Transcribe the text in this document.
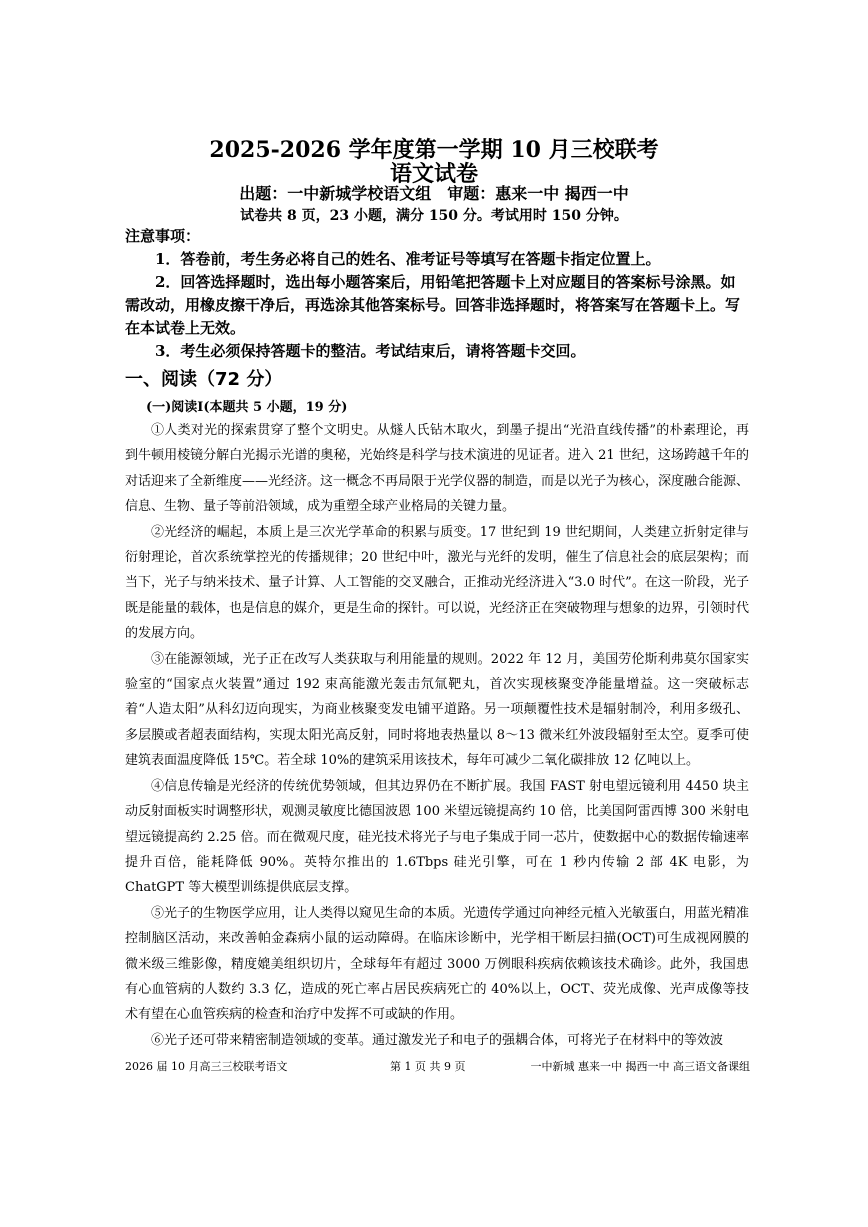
2025-2026 学年度第一学期 10 月三校联考
语文试卷
出题：一中新城学校语文组　审题：惠来一中 揭西一中
试卷共 8 页，23 小题，满分 150 分。考试用时 150 分钟。

注意事项：

1．答卷前，考生务必将自己的姓名、准考证号等填写在答题卡指定位置上。

2．回答选择题时，选出每小题答案后，用铅笔把答题卡上对应题目的答案标号涂黑。如需改动，用橡皮擦干净后，再选涂其他答案标号。回答非选择题时，将答案写在答题卡上。写在本试卷上无效。

3．考生必须保持答题卡的整洁。考试结束后，请将答题卡交回。

一、阅读（72 分）
(一)阅读Ⅰ(本题共 5 小题，19 分)

①人类对光的探索贯穿了整个文明史。从燧人氏钻木取火，到墨子提出“光沿直线传播”的朴素理论，再到牛顿用棱镜分解白光揭示光谱的奥秘，光始终是科学与技术演进的见证者。进入 21 世纪，这场跨越千年的对话迎来了全新维度——光经济。这一概念不再局限于光学仪器的制造，而是以光子为核心，深度融合能源、信息、生物、量子等前沿领域，成为重塑全球产业格局的关键力量。

②光经济的崛起，本质上是三次光学革命的积累与质变。17 世纪到 19 世纪期间，人类建立折射定律与衍射理论，首次系统掌控光的传播规律；20 世纪中叶，激光与光纤的发明，催生了信息社会的底层架构；而当下，光子与纳米技术、量子计算、人工智能的交叉融合，正推动光经济进入“3.0 时代”。在这一阶段，光子既是能量的载体，也是信息的媒介，更是生命的探针。可以说，光经济正在突破物理与想象的边界，引领时代的发展方向。

③在能源领域，光子正在改写人类获取与利用能量的规则。2022 年 12 月，美国劳伦斯利弗莫尔国家实验室的“国家点火装置”通过 192 束高能激光轰击氘氚靶丸，首次实现核聚变净能量增益。这一突破标志着“人造太阳”从科幻迈向现实，为商业核聚变发电铺平道路。另一项颠覆性技术是辐射制冷，利用多级孔、多层膜或者超表面结构，实现太阳光高反射，同时将地表热量以 8～13 微米红外波段辐射至太空。夏季可使建筑表面温度降低 15℃。若全球 10%的建筑采用该技术，每年可减少二氧化碳排放 12 亿吨以上。

④信息传输是光经济的传统优势领域，但其边界仍在不断扩展。我国 FAST 射电望远镜利用 4450 块主动反射面板实时调整形状，观测灵敏度比德国波恩 100 米望远镜提高约 10 倍，比美国阿雷西博 300 米射电望远镜提高约 2.25 倍。而在微观尺度，硅光技术将光子与电子集成于同一芯片，使数据中心的数据传输速率提升百倍，能耗降低 90%。英特尔推出的 1.6Tbps 硅光引擎，可在 1 秒内传输 2 部 4K 电影，为 ChatGPT 等大模型训练提供底层支撑。

⑤光子的生物医学应用，让人类得以窥见生命的本质。光遗传学通过向神经元植入光敏蛋白，用蓝光精准控制脑区活动，来改善帕金森病小鼠的运动障碍。在临床诊断中，光学相干断层扫描(OCT)可生成视网膜的微米级三维影像，精度媲美组织切片，全球每年有超过 3000 万例眼科疾病依赖该技术确诊。此外，我国患有心血管病的人数约 3.3 亿，造成的死亡率占居民疾病死亡的 40%以上，OCT、荧光成像、光声成像等技术有望在心血管疾病的检查和治疗中发挥不可或缺的作用。

⑥光子还可带来精密制造领域的变革。通过激发光子和电子的强耦合体，可将光子在材料中的等效波

2026 届 10 月高三三校联考语文	第 1 页 共 9 页	一中新城 惠来一中 揭西一中 高三语文备课组
